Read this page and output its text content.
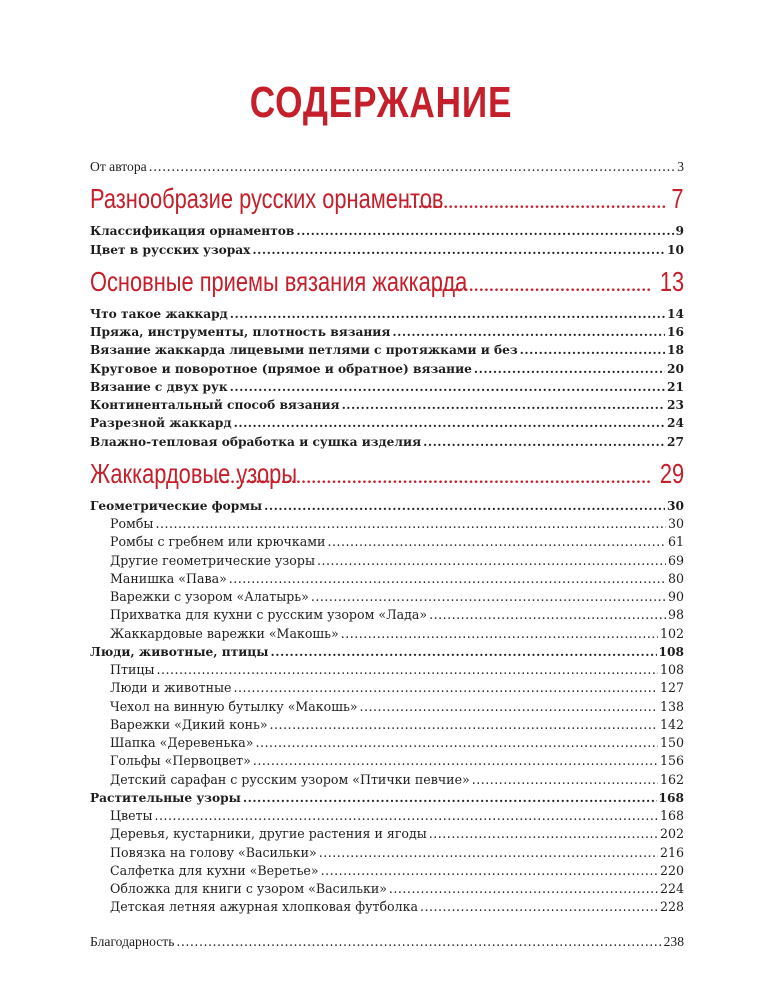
СОДЕРЖАНИЕ
От автора .....	3
Разнообразие русских орнаментов .....	7
Классификация орнаментов .....	9
Цвет в русских узорах .....	10
Основные приемы вязания жаккарда .....	13
Что такое жаккард .....	14
Пряжа, инструменты, плотность вязания .....	16
Вязание жаккарда лицевыми петлями с протяжками и без .....	18
Круговое и поворотное (прямое и обратное) вязание .....	20
Вязание с двух рук .....	21
Континентальный способ вязания .....	23
Разрезной жаккард .....	24
Влажно-тепловая обработка и сушка изделия .....	27
Жаккардовые узоры .....	29
Геометрические формы .....	30
Ромбы .....	30
Ромбы с гребнем или крючками .....	61
Другие геометрические узоры .....	69
Манишка «Пава» .....	80
Варежки с узором «Алатырь» .....	90
Прихватка для кухни с русским узором «Лада» .....	98
Жаккардовые варежки «Макошь» .....	102
Люди, животные, птицы .....	108
Птицы .....	108
Люди и животные .....	127
Чехол на винную бутылку «Макошь» .....	138
Варежки «Дикий конь» .....	142
Шапка «Деревенька» .....	150
Гольфы «Первоцвет» .....	156
Детский сарафан с русским узором «Птички певчие» .....	162
Растительные узоры .....	168
Цветы .....	168
Деревья, кустарники, другие растения и ягоды .....	202
Повязка на голову «Васильки» .....	216
Салфетка для кухни «Веретье» .....	220
Обложка для книги с узором «Васильки» .....	224
Детская летняя ажурная хлопковая футболка .....	228
Благодарность .....	238
